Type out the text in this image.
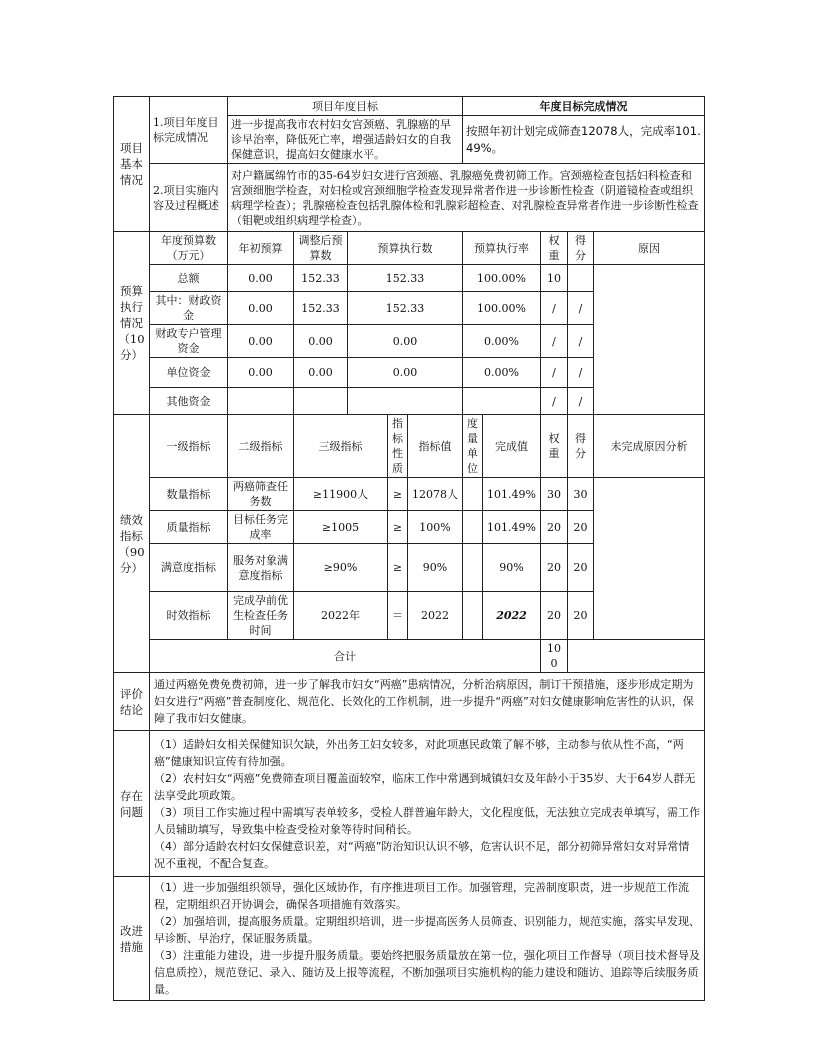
项目
基本
情况	1.项目年度目标完成情况	项目年度目标					年度目标完成情况				
		进一步提高我市农村妇女宫颈癌、乳腺癌的早诊早治率，降低死亡率，增强适龄妇女的自我保健意识，提高妇女健康水平。					按照年初计划完成筛查12078人，完成率101.49%。				
	2.项目实施内容及过程概述	对户籍属绵竹市的35-64岁妇女进行宫颈癌、乳腺癌免费初筛工作。宫颈癌检查包括妇科检查和宫颈细胞学检查，对妇检或宫颈细胞学检查发现异常者作进一步诊断性检查（阴道镜检查或组织病理学检查）；乳腺癌检查包括乳腺体检和乳腺彩超检查、对乳腺检查异常者作进一步诊断性检查（钼靶或组织病理学检查）。									
预算
执行
情况
（10
分）	年度预算数（万元）	年初预算	调整后预算数	预算执行数			预算执行率		权重	得分	原因
	总额	0.00	152.33	152.33			100.00%		10		
	其中：财政资金	0.00	152.33	152.33			100.00%		/	/	
	财政专户管理资金	0.00	0.00	0.00			0.00%		/	/	
	单位资金	0.00	0.00	0.00			0.00%		/	/	
	其他资金								/	/	
绩效
指标
（90
分）	一级指标	二级指标	三级指标		指标性质	指标值	度量单位	完成值	权重	得分	未完成原因分析
	数量指标	两癌筛查任务数	≥11900人		≥	12078人		101.49%	30	30	
	质量指标	目标任务完成率	≥1005		≥	100%		101.49%	20	20	
	满意度指标	服务对象满意度指标	≥90%		≥	90%		90%	20	20	
	时效指标	完成孕前优生检查任务时间	2022年		＝	2022		2022	20	20	
	合计								100		
评价
结论	通过两癌免费免费初筛，进一步了解我市妇女“两癌”患病情况，分析治病原因，制订干预措施，逐步形成定期为妇女进行“两癌”普查制度化、规范化、长效化的工作机制，进一步提升“两癌”对妇女健康影响危害性的认识，保障了我市妇女健康。										
存在
问题	（1）适龄妇女相关保健知识欠缺，外出务工妇女较多，对此项惠民政策了解不够，主动参与依从性不高，“两癌”健康知识宣传有待加强。
（2）农村妇女“两癌”免费筛查项目覆盖面较窄，临床工作中常遇到城镇妇女及年龄小于35岁、大于64岁人群无法享受此项政策。
（3）项目工作实施过程中需填写表单较多，受检人群普遍年龄大，文化程度低，无法独立完成表单填写，需工作人员辅助填写，导致集中检查受检对象等待时间稍长。
（4）部分适龄农村妇女保健意识差，对“两癌”防治知识认识不够，危害认识不足，部分初筛异常妇女对异常情况不重视，不配合复查。										

改进
措施	（1）进一步加强组织领导，强化区域协作，有序推进项目工作。加强管理，完善制度职责，进一步规范工作流程，定期组织召开协调会，确保各项措施有效落实。
（2）加强培训，提高服务质量。定期组织培训，进一步提高医务人员筛查、识别能力，规范实施，落实早发现、早诊断、早治疗，保证服务质量。
（3）注重能力建设，进一步提升服务质量。要始终把服务质量放在第一位，强化项目工作督导（项目技术督导及信息质控），规范登记、录入、随访及上报等流程，不断加强项目实施机构的能力建设和随访、追踪等后续服务质量。										
